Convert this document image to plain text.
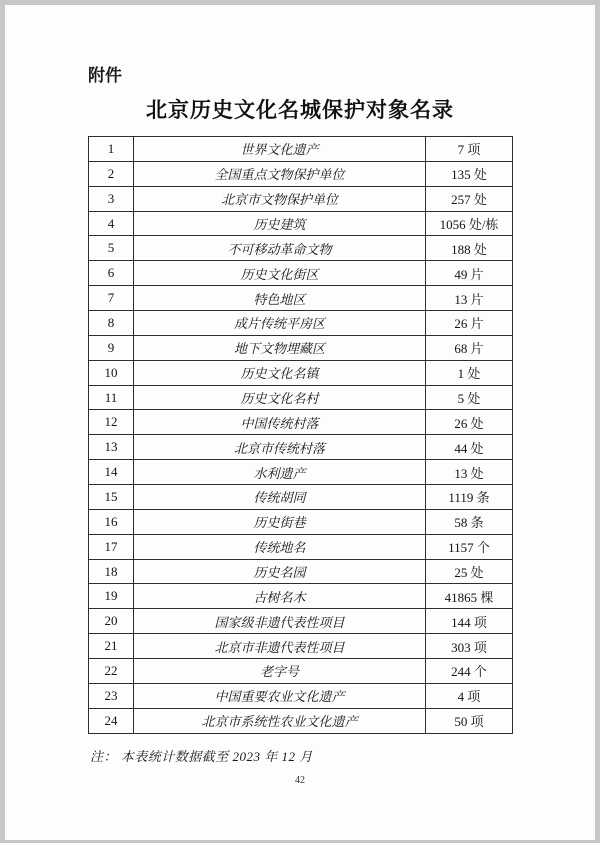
附件
北京历史文化名城保护对象名录
1	世界文化遗产	7 项
2	全国重点文物保护单位	135 处
3	北京市文物保护单位	257 处
4	历史建筑	1056 处/栋
5	不可移动革命文物	188 处
6	历史文化街区	49 片
7	特色地区	13 片
8	成片传统平房区	26 片
9	地下文物埋藏区	68 片
10	历史文化名镇	1 处
11	历史文化名村	5 处
12	中国传统村落	26 处
13	北京市传统村落	44 处
14	水利遗产	13 处
15	传统胡同	1119 条
16	历史街巷	58 条
17	传统地名	1157 个
18	历史名园	25 处
19	古树名木	41865 棵
20	国家级非遗代表性项目	144 项
21	北京市非遗代表性项目	303 项
22	老字号	244 个
23	中国重要农业文化遗产	4 项
24	北京市系统性农业文化遗产	50 项
注： 本表统计数据截至 2023 年 12 月
42
